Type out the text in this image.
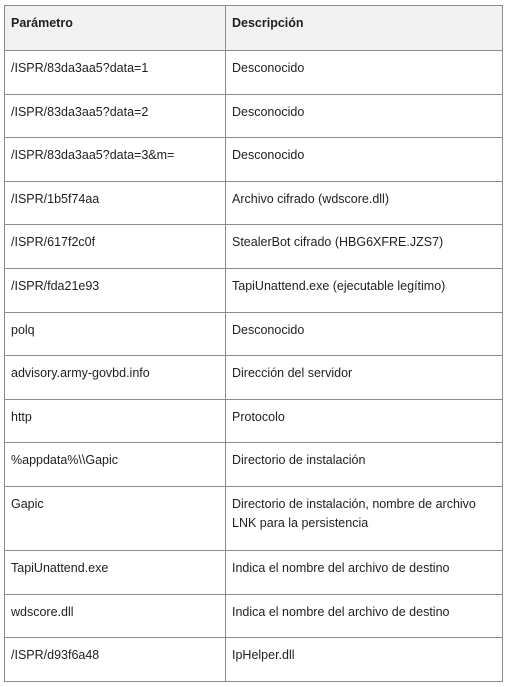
Parámetro	Descripción
/ISPR/83da3aa5?data=1	Desconocido
/ISPR/83da3aa5?data=2	Desconocido
/ISPR/83da3aa5?data=3&m=	Desconocido
/ISPR/1b5f74aa	Archivo cifrado (wdscore.dll)
/ISPR/617f2c0f	StealerBot cifrado (HBG6XFRE.JZS7)
/ISPR/fda21e93	TapiUnattend.exe (ejecutable legítimo)
polq	Desconocido
advisory.army-govbd.info	Dirección del servidor
http	Protocolo
%appdata%\\Gapic	Directorio de instalación
Gapic	Directorio de instalación, nombre de archivo LNK para la persistencia
TapiUnattend.exe	Indica el nombre del archivo de destino
wdscore.dll	Indica el nombre del archivo de destino
/ISPR/d93f6a48	IpHelper.dll
